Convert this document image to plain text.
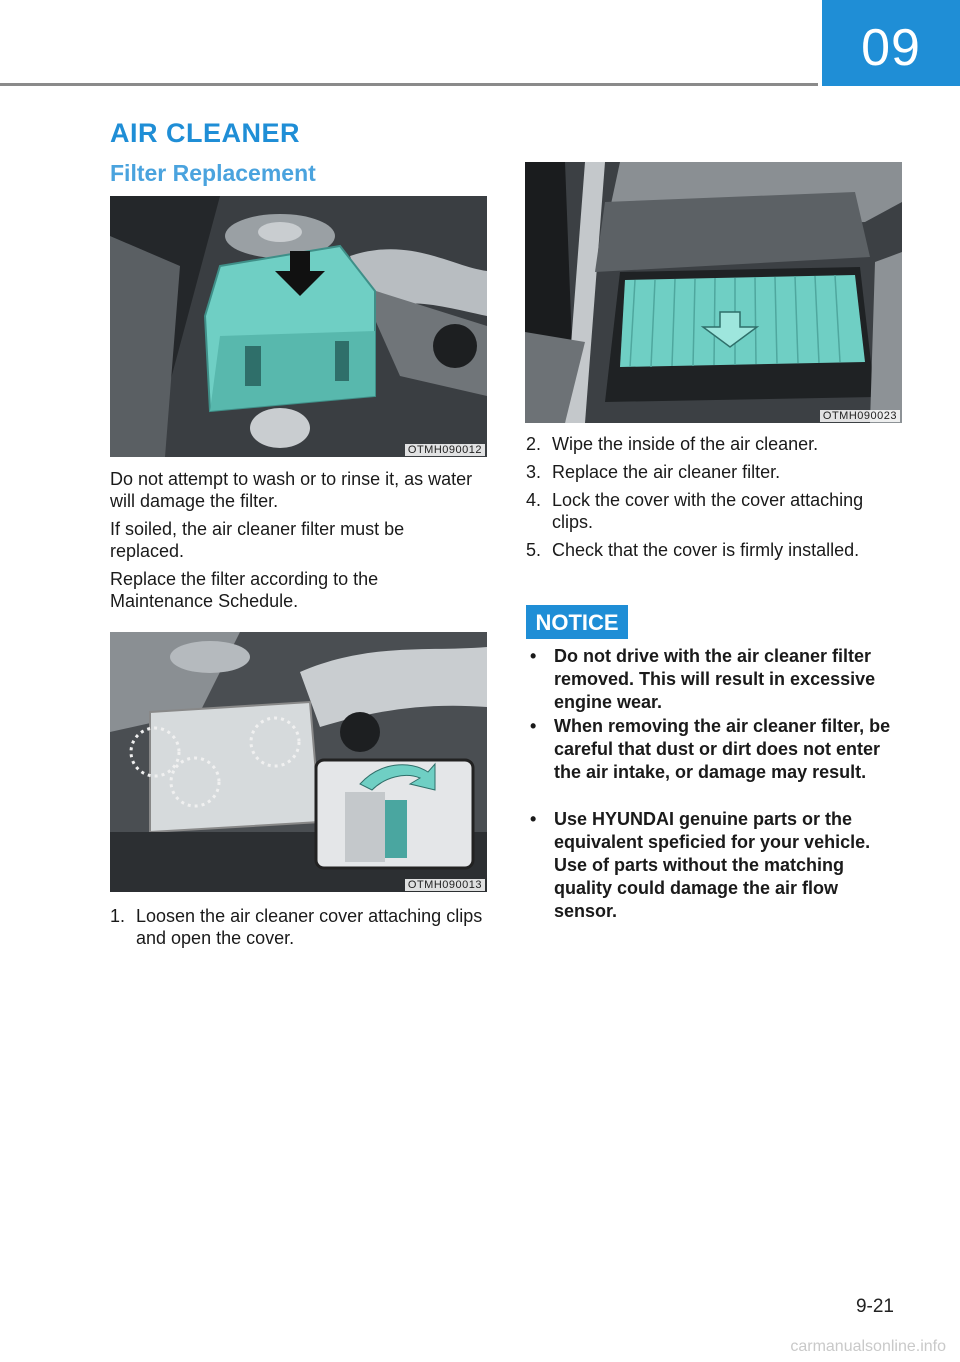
09
AIR CLEANER
Filter Replacement
OTMH090012

Do not attempt to wash or to rinse it, as water will damage the filter.

If soiled, the air cleaner filter must be replaced.

Replace the filter according to the Maintenance Schedule.

OTMH090013
1. Loosen the air cleaner cover attaching clips and open the cover.
OTMH090023
2. Wipe the inside of the air cleaner.
3. Replace the air cleaner filter.
4. Lock the cover with the cover attaching clips.
5. Check that the cover is firmly installed.
NOTICE
• Do not drive with the air cleaner filter removed. This will result in excessive engine wear.
• When removing the air cleaner filter, be careful that dust or dirt does not enter the air intake, or damage may result.
• Use HYUNDAI genuine parts or the equivalent speficied for your vehicle. Use of parts without the matching quality could damage the air flow sensor.
9-21
carmanualsonline.info
